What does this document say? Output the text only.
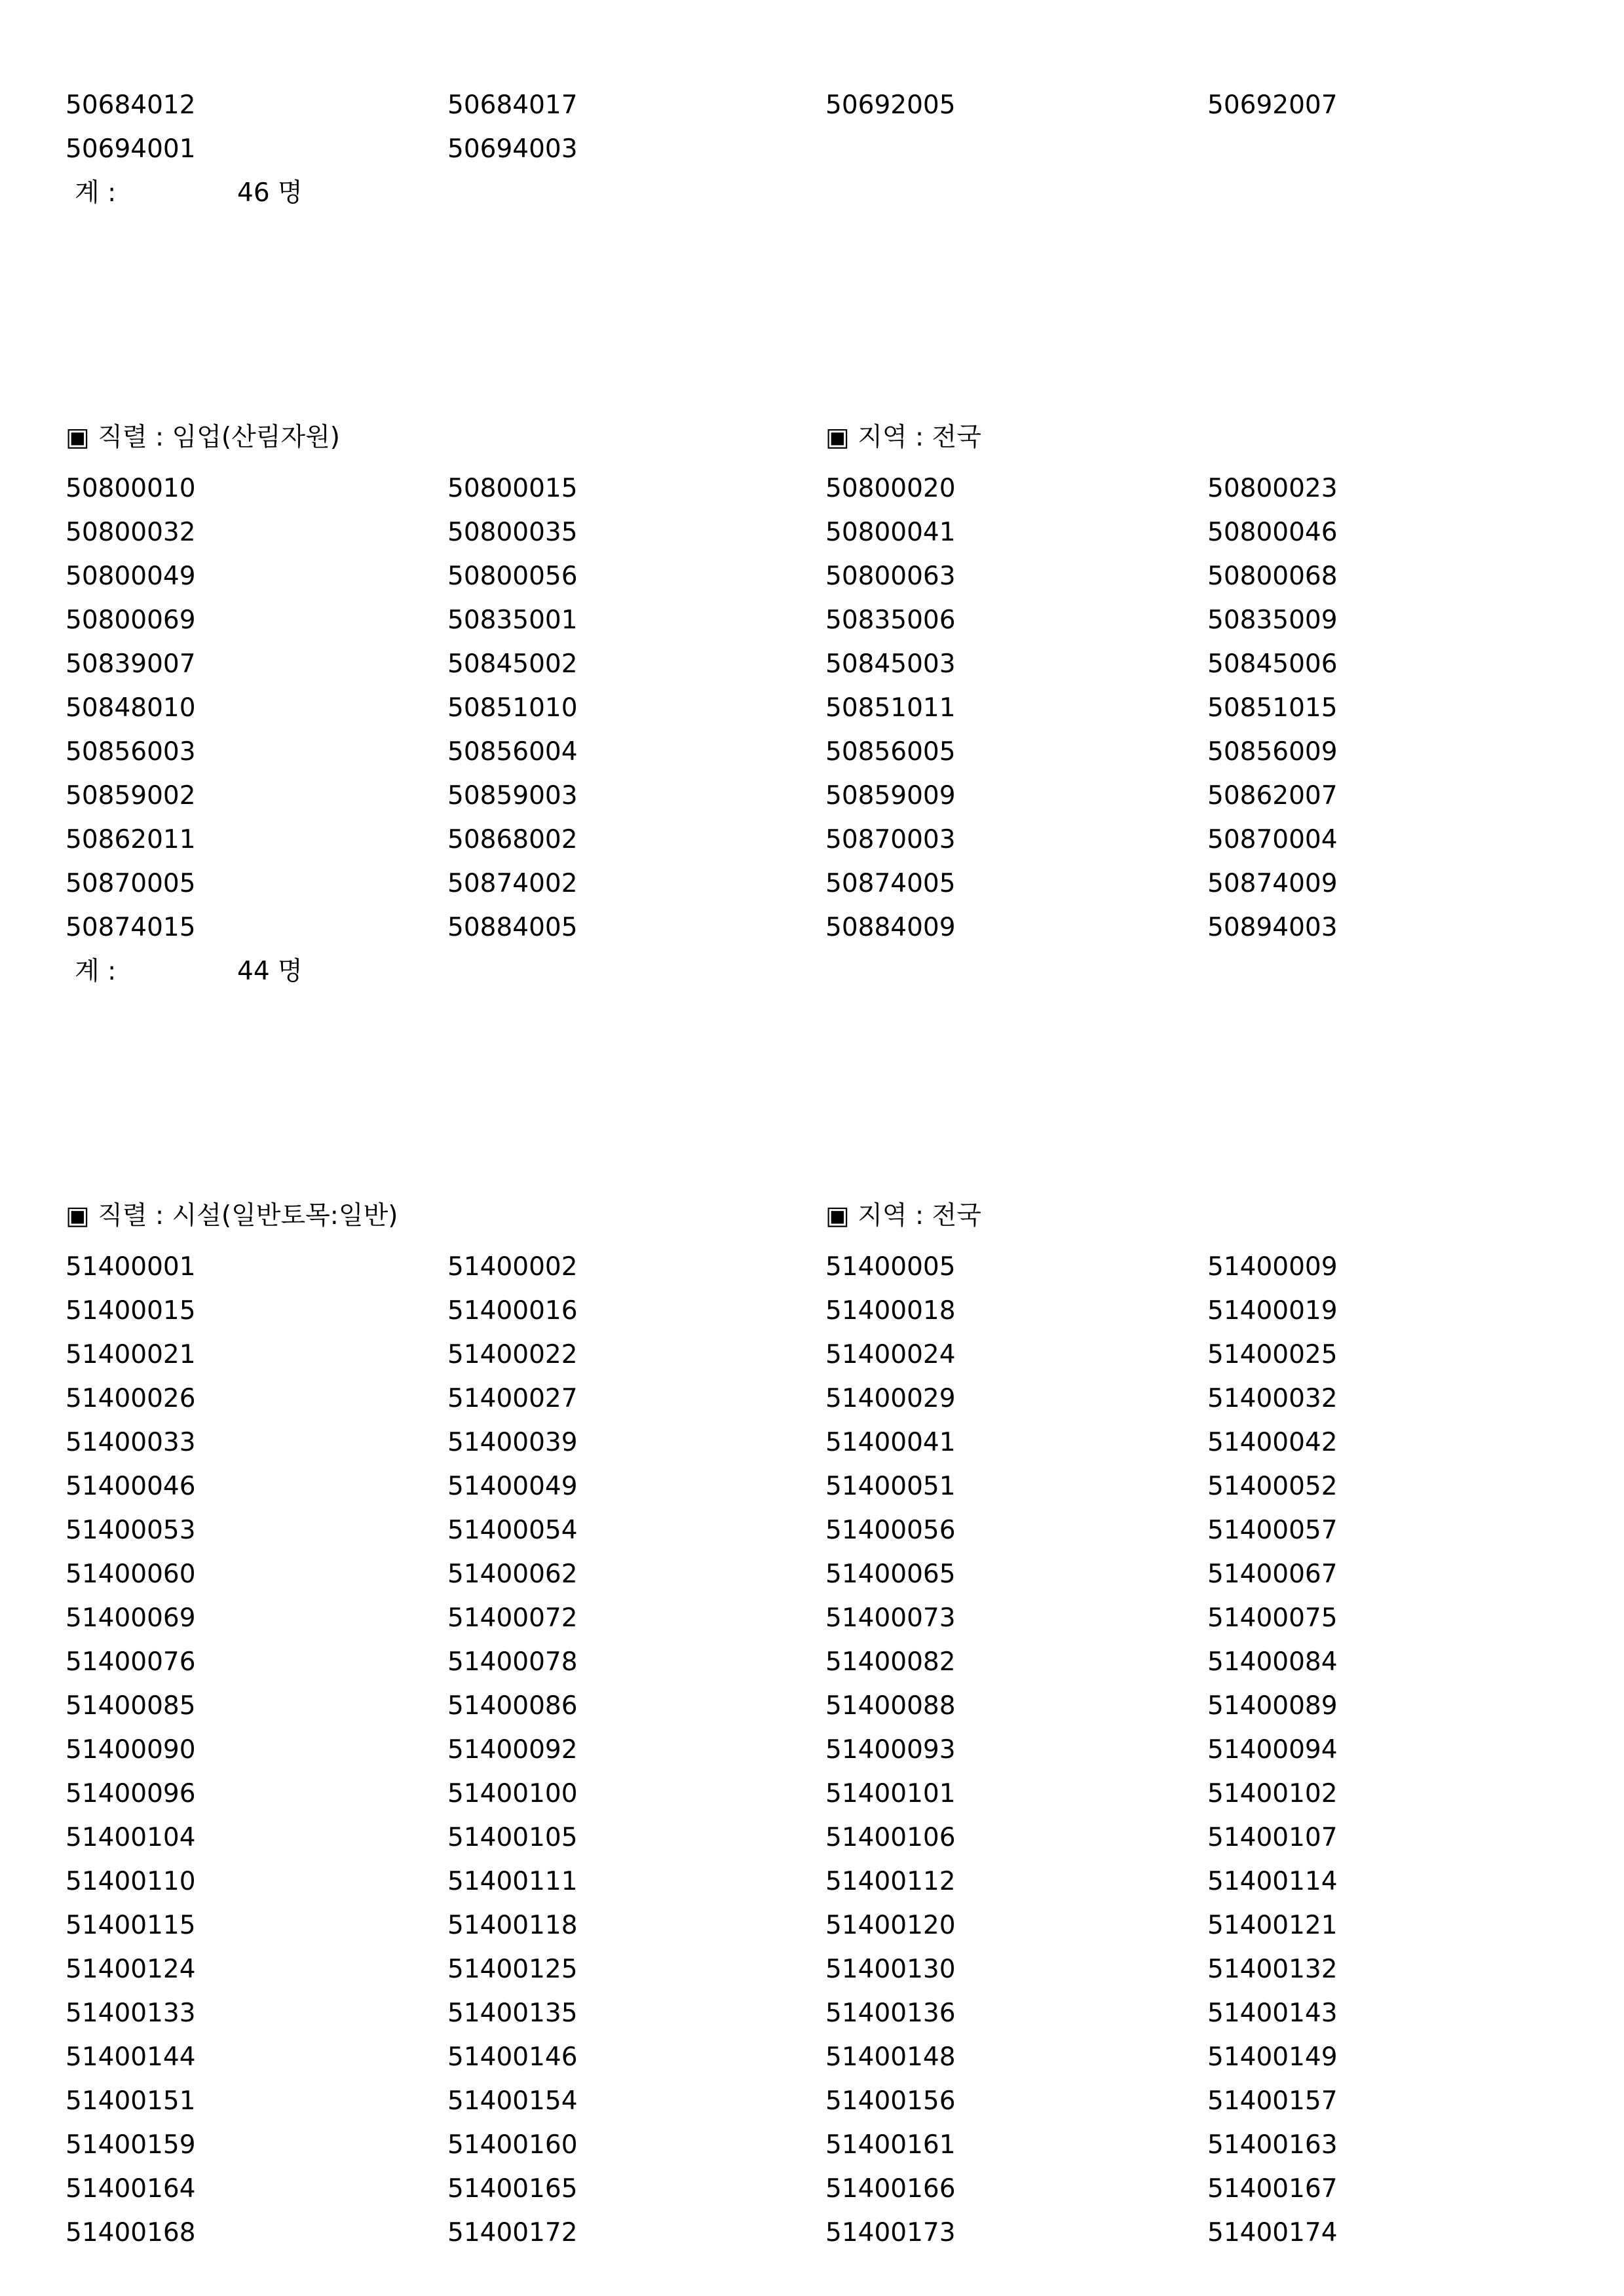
50684012	50684017	50692005	50692007
50694001	50694003
계 :	46 명
▣ 직렬 : 임업(산림자원)	▣ 지역 : 전국
50800010	50800015	50800020	50800023
50800032	50800035	50800041	50800046
50800049	50800056	50800063	50800068
50800069	50835001	50835006	50835009
50839007	50845002	50845003	50845006
50848010	50851010	50851011	50851015
50856003	50856004	50856005	50856009
50859002	50859003	50859009	50862007
50862011	50868002	50870003	50870004
50870005	50874002	50874005	50874009
50874015	50884005	50884009	50894003
계 :	44 명
▣ 직렬 : 시설(일반토목:일반)	▣ 지역 : 전국
51400001	51400002	51400005	51400009
51400015	51400016	51400018	51400019
51400021	51400022	51400024	51400025
51400026	51400027	51400029	51400032
51400033	51400039	51400041	51400042
51400046	51400049	51400051	51400052
51400053	51400054	51400056	51400057
51400060	51400062	51400065	51400067
51400069	51400072	51400073	51400075
51400076	51400078	51400082	51400084
51400085	51400086	51400088	51400089
51400090	51400092	51400093	51400094
51400096	51400100	51400101	51400102
51400104	51400105	51400106	51400107
51400110	51400111	51400112	51400114
51400115	51400118	51400120	51400121
51400124	51400125	51400130	51400132
51400133	51400135	51400136	51400143
51400144	51400146	51400148	51400149
51400151	51400154	51400156	51400157
51400159	51400160	51400161	51400163
51400164	51400165	51400166	51400167
51400168	51400172	51400173	51400174
